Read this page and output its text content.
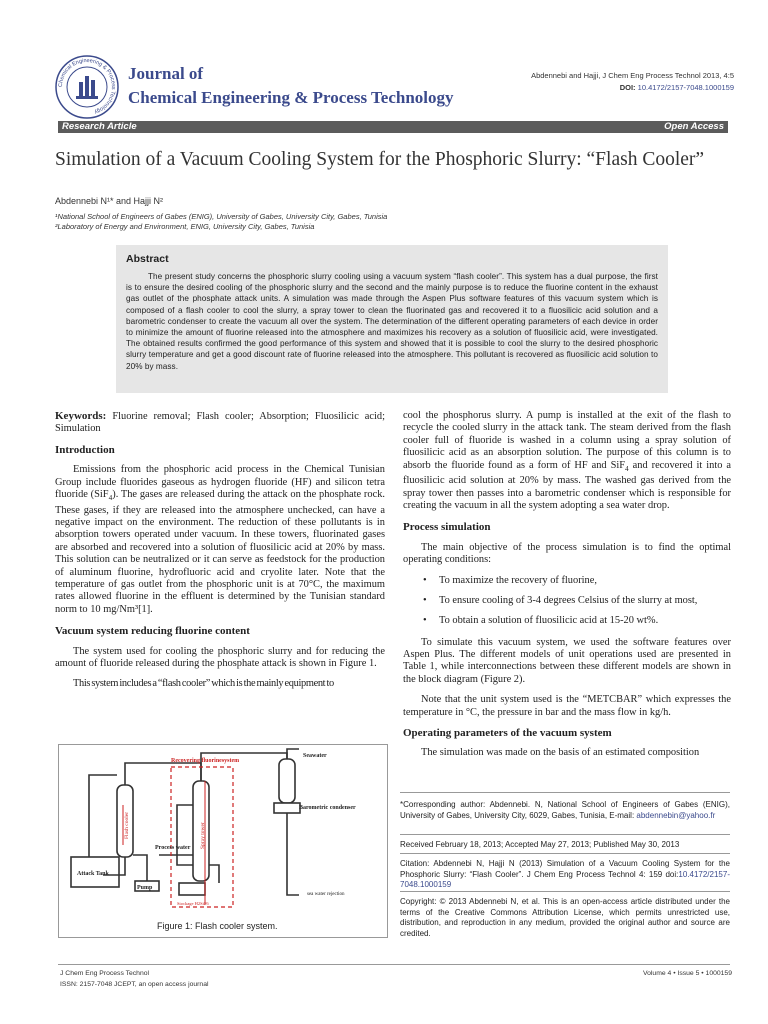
Chemical Engineering & Process Technology
Journal of
Chemical Engineering & Process Technology
Abdennebi and Hajji, J Chem Eng Process Technol 2013, 4:5
DOI: 10.4172/2157-7048.1000159
Research Article	Open Access
Simulation of a Vacuum Cooling System for the Phosphoric Slurry: “Flash Cooler”
Abdennebi N¹* and Hajji N²
¹National School of Engineers of Gabes (ENIG), University of Gabes, University City, Gabes, Tunisia
²Laboratory of Energy and Environment, ENIG, University City, Gabes, Tunisia
Abstract

The present study concerns the phosphoric slurry cooling using a vacuum system “flash cooler”. This system has a dual purpose, the first is to ensure the desired cooling of the phosphoric slurry and the second and the mainly purpose is to reduce the fluorine content in the exhaust gas outlet of the phosphate attack units. A simulation was made through the Aspen Plus software features of this vacuum system which is composed of a flash cooler to cool the slurry, a spray tower to clean the fluorinated gas and recovered it to a fluosilicic acid solution and a barometric condenser to create the vacuum all over the system. The determination of the different operating parameters of each device in order to minimize the amount of fluorine released into the atmosphere and maximizes his recovery as a solution of fluosilicic acid, were investigated. The obtained results confirmed the good performance of this system and showed that it is possible to cool the slurry to the desired phosphoric slurry temperature and get a good discount rate of fluorine released into the atmosphere. This pollutant is recovered as fluosilicic acid solution to 20% by mass.

Keywords: Fluorine removal; Flash cooler; Absorption; Fluosilicic acid; Simulation

Introduction

Emissions from the phosphoric acid process in the Chemical Tunisian Group include fluorides gaseous as hydrogen fluoride (HF) and silicon tetra fluoride (SiF$_4$). The gases are released during the attack on the phosphate rock. These gases, if they are released into the atmosphere unchecked, can have a negative impact on the environment. The reduction of these pollutants is in absorption towers operated under vacuum. In these towers, fluorinated gases are absorbed and recovered into a solution of fluosilicic acid at 20% by mass. This solution can be neutralized or it can serve as feedstock for the production of aluminum fluorine, hydrofluoric acid and cryolite later. Note that the temperature of gas outlet from the phosphoric unit is at 70°C, the maximum rates allowed fluorine in the effluent is determined by the Tunisian standard norm to 10 mg/Nm³[1].

Vacuum system reducing fluorine content

The system used for cooling the phosphoric slurry and for reducing the amount of fluoride released during the phosphate attack is shown in Figure 1.

This system includes a “flash cooler” which is the mainly equipment to

Recovering fluorinesystem
Seawater
Barometric condenser
Process water
Attack Tank
Pump
Stockage H2SiF6
sea water rejection
Flash cooler	Spray tower
Figure 1: Flash cooler system.

cool the phosphorus slurry. A pump is installed at the exit of the flash to recycle the cooled slurry in the attack tank. The steam derived from the flash cooler full of fluoride is washed in a column using a spray solution of fluosilicic acid as an absorption solution. The purpose of this column is to absorb the fluoride found as a form of HF and SiF$_4$ and recovered it into a fluosilicic acid solution at 20% by mass. The washed gas derived from the spray tower then passes into a barometric condenser which is responsible for creating the vacuum in all the system adopting a sea water drop.

Process simulation

The main objective of the process simulation is to find the optimal operating conditions:

• To maximize the recovery of fluorine,
• To ensure cooling of 3-4 degrees Celsius of the slurry at most,
• To obtain a solution of fluosilicic acid at 15-20 wt%.

To simulate this vacuum system, we used the software features over Aspen Plus. The different models of unit operations used are presented in Table 1, while interconnections between these different models are shown in the block diagram (Figure 2).

Note that the unit system used is the “METCBAR” which expresses the temperature in °C, the pressure in bar and the mass flow in kg/h.

Operating parameters of the vacuum system

The simulation was made on the basis of an estimated composition

*Corresponding author: Abdennebi. N, National School of Engineers of Gabes (ENIG), University of Gabes, University City, 6029, Gabes, Tunisia, E-mail: abdennebin@yahoo.fr
Received February 18, 2013; Accepted May 27, 2013; Published May 30, 2013
Citation: Abdennebi N, Hajji N (2013) Simulation of a Vacuum Cooling System for the Phosphoric Slurry: “Flash Cooler”. J Chem Eng Process Technol 4: 159 doi:10.4172/2157-7048.1000159
Copyright: © 2013 Abdennebi N, et al. This is an open-access article distributed under the terms of the Creative Commons Attribution License, which permits unrestricted use, distribution, and reproduction in any medium, provided the original author and source are credited.
J Chem Eng Process Technol
ISSN: 2157-7048 JCEPT, an open access journal
Volume 4 • Issue 5 • 1000159
